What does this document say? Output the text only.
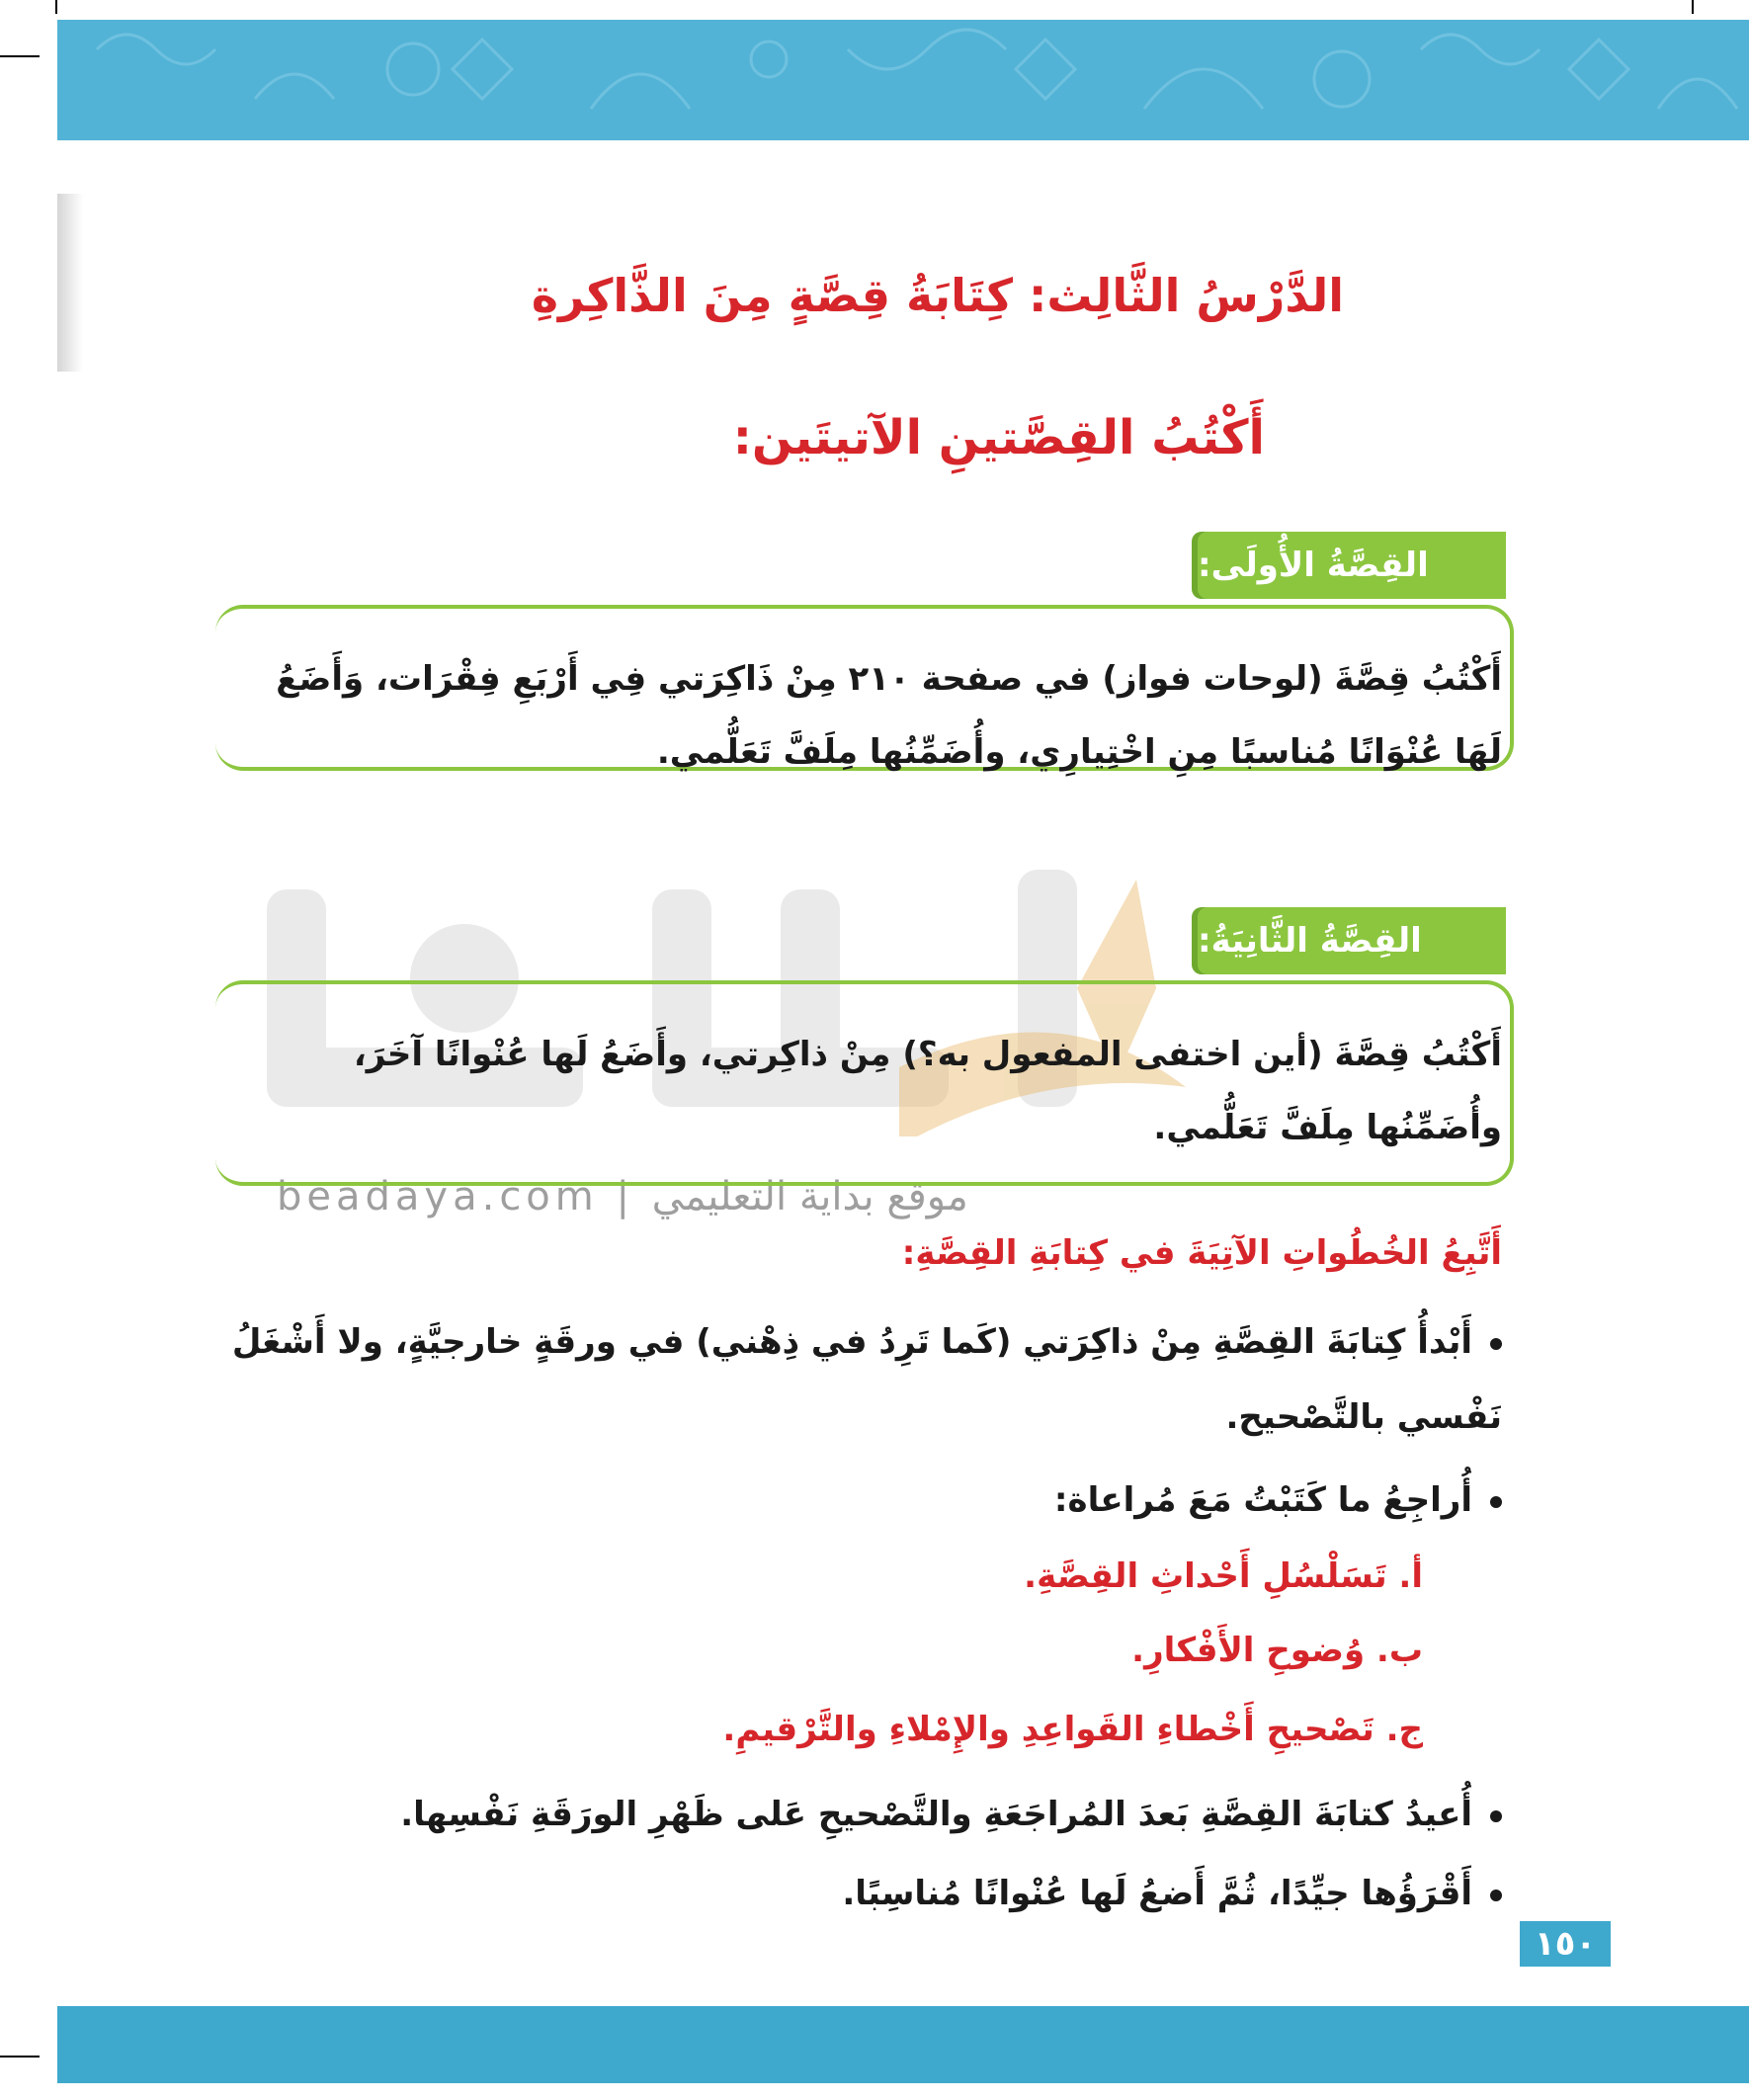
الدَّرْسُ الثَّالِث: كِتَابَةُ قِصَّةٍ مِنَ الذَّاكِرةِ
أَكْتُبُ القِصَّتينِ الآتيتَين:
القِصَّةُ الأُولَى:
أَكْتُبُ قِصَّةَ (لوحات فواز) في صفحة ٢١٠ مِنْ ذَاكِرَتي فِي أَرْبَعِ فِقْرَات، وَأَضَعُ لَهَا عُنْوَانًا مُناسبًا مِنِ اخْتِيارِي، وأُضَمِّنُها مِلَفَّ تَعَلُّمي.
beadaya.com | موقع بداية التعليمي
القِصَّةُ الثَّانِيَةُ:
أَكْتُبُ قِصَّةَ (أين اختفى المفعول به؟) مِنْ ذاكِرتي، وأَضَعُ لَها عُنْوانًا آخَرَ، وأُضَمِّنُها مِلَفَّ تَعَلُّمي.
أَتَّبِعُ الخُطُواتِ الآتِيَةَ في كِتابَةِ القِصَّةِ:
أَبْدأُ كِتابَةَ القِصَّةِ مِنْ ذاكِرَتي (كَما تَرِدُ في ذِهْني) في ورقَةٍ خارجيَّةٍ، ولا أَشْغَلُ نَفْسي بالتَّصْحيح.
أُراجِعُ ما كَتَبْتُ مَعَ مُراعاة:
أ. تَسَلْسُلِ أَحْداثِ القِصَّةِ.
ب. وُضوحِ الأَفْكارِ.
ج. تَصْحيحِ أَخْطاءِ القَواعِدِ والإِمْلاءِ والتَّرْقيمِ.
أُعيدُ كتابَةَ القِصَّةِ بَعدَ المُراجَعَةِ والتَّصْحيحِ عَلى ظَهْرِ الورَقَةِ نَفْسِها.
أَقْرَؤُها جيِّدًا، ثُمَّ أَضعُ لَها عُنْوانًا مُناسِبًا.
١٥٠
